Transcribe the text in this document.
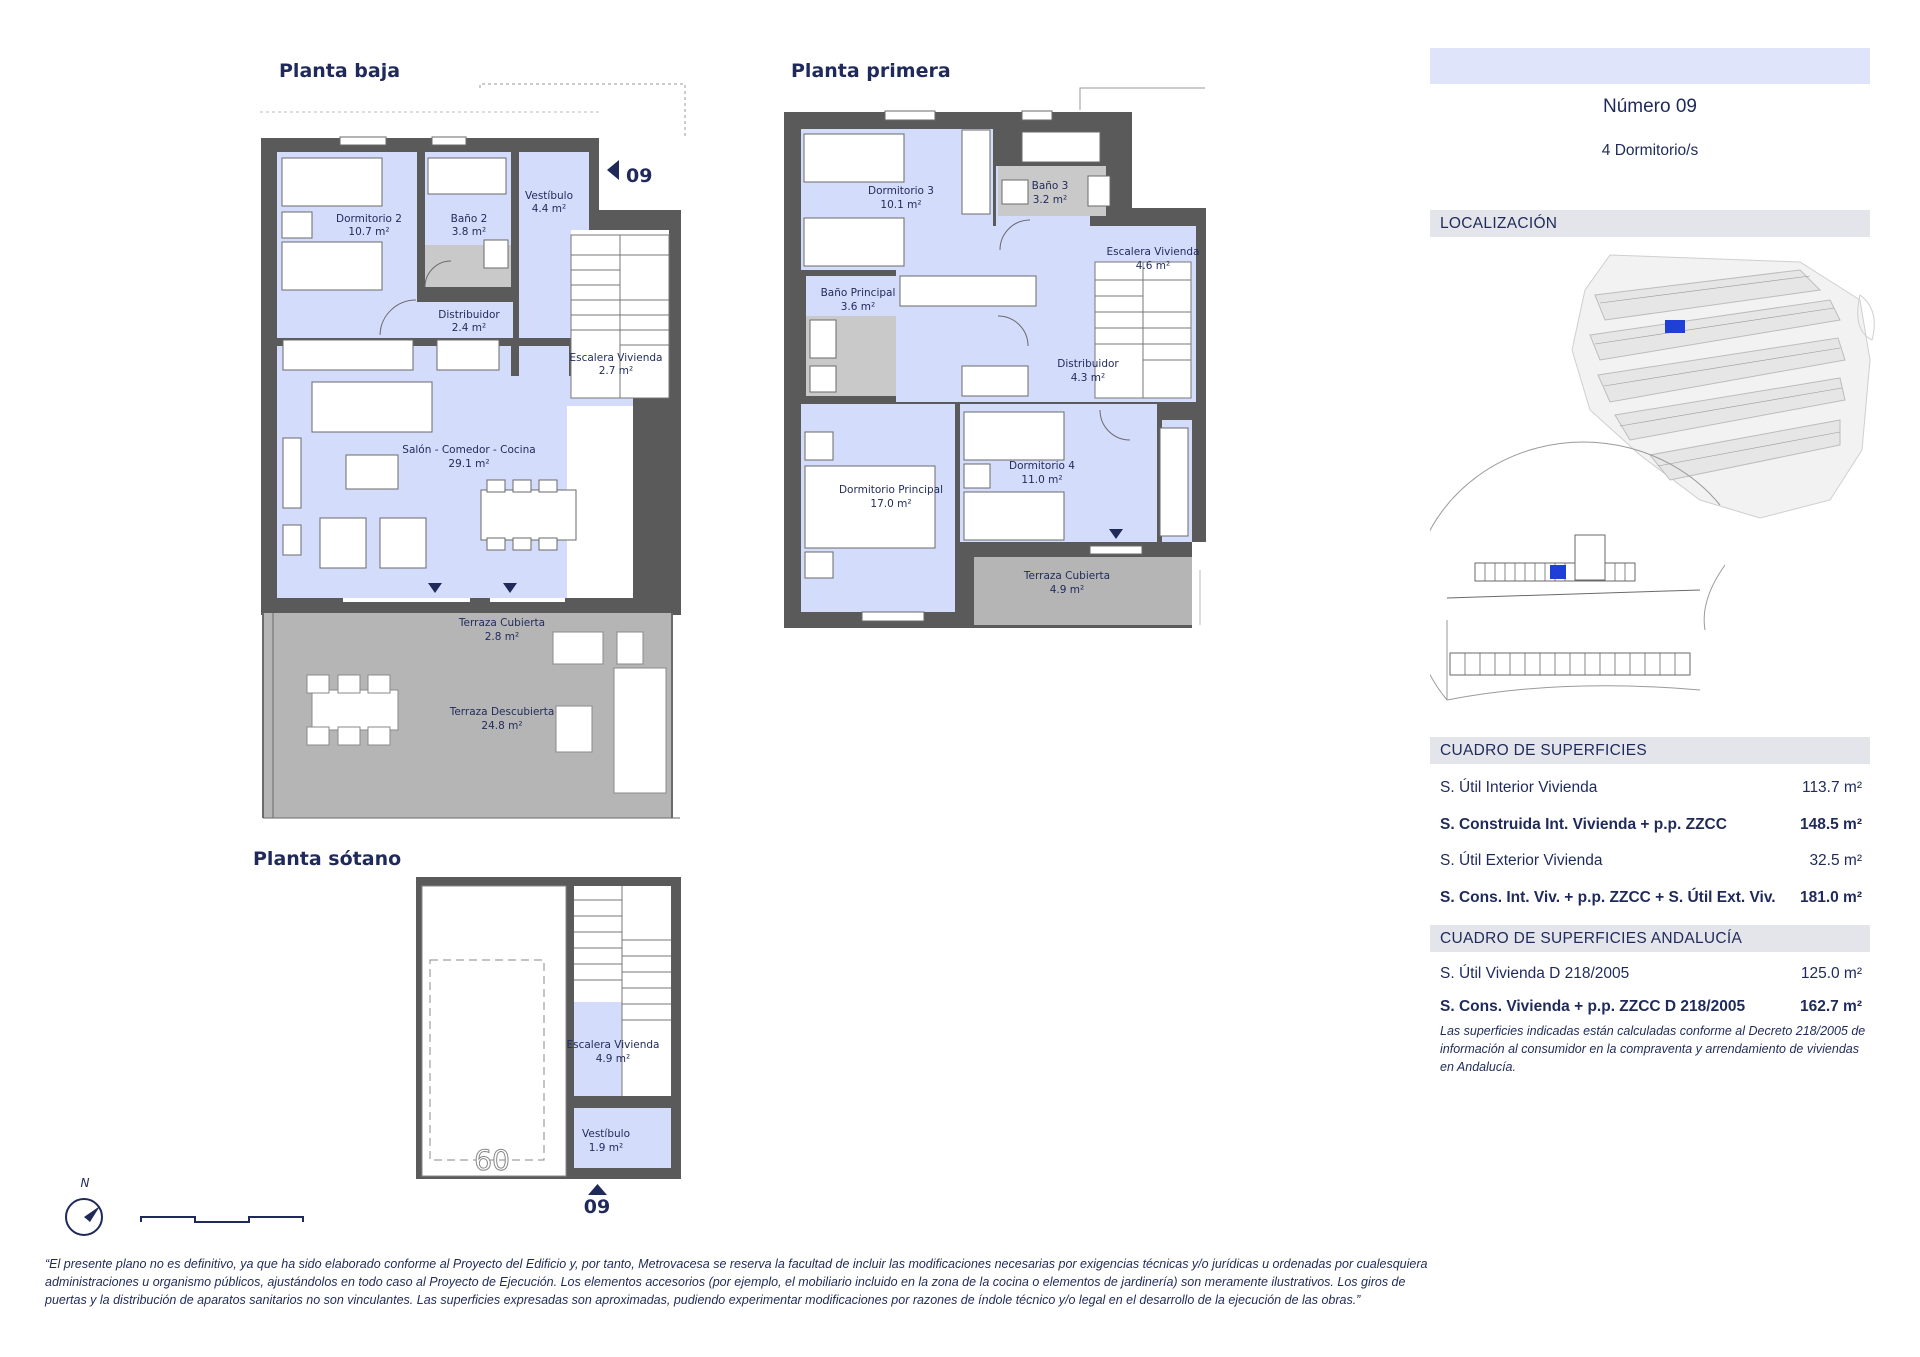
Planta baja	Planta primera
Planta sótano
09
Dormitorio 2
10.7 m²
Baño 2
3.8 m²
Vestíbulo
4.4 m²
Distribuidor
2.4 m²
Escalera Vivienda
2.7 m²
Salón - Comedor - Cocina
29.1 m²
Terraza Cubierta
2.8 m²
Terraza Descubierta
24.8 m²
Dormitorio 3
10.1 m²
Baño 3
3.2 m²
Escalera Vivienda
4.6 m²
Baño Principal
3.6 m²
Distribuidor
4.3 m²
Dormitorio Principal
17.0 m²
Dormitorio 4
11.0 m²
Terraza Cubierta
4.9 m²
09
Escalera Vivienda
4.9 m²
Vestíbulo
1.9 m²
09
N
Número 09
4 Dormitorio/s
LOCALIZACIÓN
CUADRO DE SUPERFICIES
S. Útil Interior Vivienda	113.7 m²
S. Construida Int. Vivienda + p.p. ZZCC	148.5 m²
S. Útil Exterior Vivienda	32.5 m²
S. Cons. Int. Viv. + p.p. ZZCC + S. Útil Ext. Viv. 181.0 m²
CUADRO DE SUPERFICIES ANDALUCÍA
S. Útil Vivienda D 218/2005	125.0 m²
S. Cons. Vivienda + p.p. ZZCC D 218/2005	162.7 m²
Las superficies indicadas están calculadas conforme al Decreto 218/2005 de información al consumidor en la compraventa y arrendamiento de viviendas en Andalucía.
“El presente plano no es definitivo, ya que ha sido elaborado conforme al Proyecto del Edificio y, por tanto, Metrovacesa se reserva la facultad de incluir las modificaciones necesarias por exigencias técnicas y/o jurídicas u ordenadas por cualesquiera administraciones u organismo públicos, ajustándolos en todo caso al Proyecto de Ejecución. Los elementos accesorios (por ejemplo, el mobiliario incluido en la zona de la cocina o elementos de jardinería) son meramente ilustrativos. Los giros de puertas y la distribución de aparatos sanitarios no son vinculantes. Las superficies expresadas son aproximadas, pudiendo experimentar modificaciones por razones de índole técnico y/o legal en el desarrollo de la ejecución de las obras.”
